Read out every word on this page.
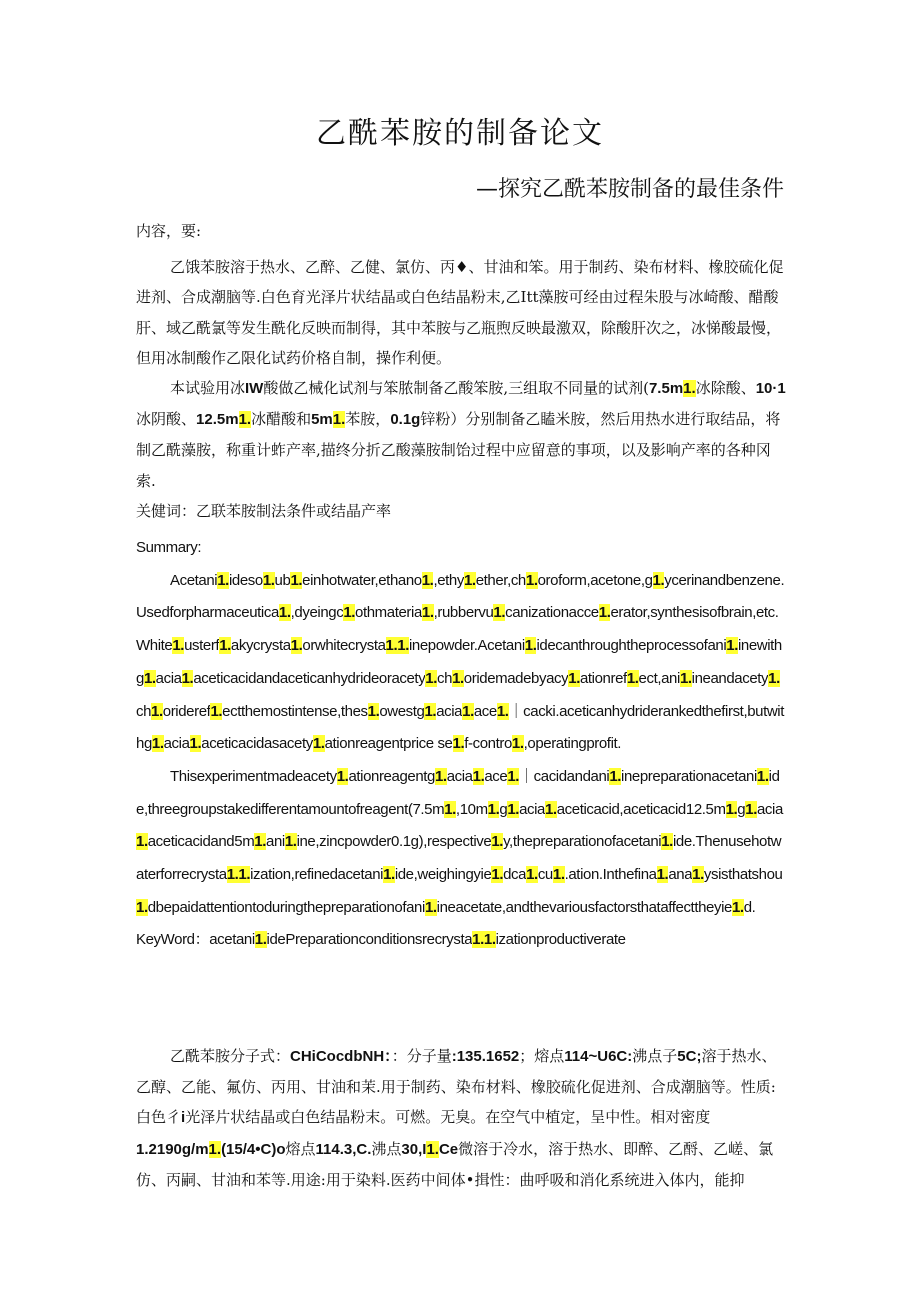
乙酰苯胺的制备论文
—探究乙酰苯胺制备的最佳条件

内容，要:

乙饿苯胺溶于热水、乙醉、乙健、氯仿、丙♦、甘油和笨。用于制药、染布材料、橡胶硫化促进剂、合成潮脑等.白色育光泽片状结晶或白色结晶粉末,乙Itt藻胺可经由过程朱股与冰崎酸、醋酸肝、域乙酰氯等发生酰化反映而制得，其中苯胺与乙瓶煦反映最激双，除酸肝次之，冰悌酸最慢，但用冰制酸作乙限化试药价格自制，操作利便。

本试验用冰IW酸做乙械化试剂与笨脓制备乙酸笨胺,三组取不同量的试剂(7.5m1.冰除酸、10·1冰阴酸、12.5m1.冰醋酸和5m1.苯胺，0.1g锌粉）分别制备乙瞌米胺，然后用热水进行取结品，将制乙酰藻胺，称重计蚱产率,描终分折乙酸藻胺制饴过程中应留意的事项，以及影响产率的各种冈索.

关健词：乙联苯胺制法条件或结晶产率

Summary:

Acetani1.ideso1.ub1.einhotwater,ethano1.,ethy1.ether,ch1.oroform,acetone,g1.ycerinandbenzene.Usedforpharmaceutica1.,dyeingc1.othmateria1.,rubbervu1.canizationacce1.erator,synthesisofbrain,etc.White1.usterf1.akycrysta1.orwhitecrysta1.1.inepowder.Acetani1.idecanthroughtheprocessofani1.inewithg1.acia1.aceticacidandaceticanhydrideoracety1.ch1.oridemadebyacy1.ationref1.ect,ani1.ineandacety1.ch1.orideref1.ectthemostintense,thes1.owestg1.acia1.ace1.｜cacki.aceticanhydriderankedthefirst,butwithg1.acia1.aceticacidasacety1.ationreagentprice se1.f-contro1.,operatingprofit.

Thisexperimentmadeacety1.ationreagentg1.acia1.ace1.｜cacidandani1.inepreparationacetani1.ide,threegroupstakedifferentamountofreagent(7.5m1.,10m1.g1.acia1.aceticacid,aceticacid12.5m1.g1.acia1.aceticacidand5m1.ani1.ine,zincpowder0.1g),respective1.y,thepreparationofacetani1.ide.Thenusehotwaterforrecrysta1.1.ization,refinedacetani1.ide,weighingyie1.dca1.cu1..ation.Inthefina1.ana1.ysisthatshou1.dbepaidattentiontoduringthepreparationofani1.ineacetate,andthevariousfactorsthataffecttheyie1.d.

KeyWord：acetani1.idePreparationconditionsrecrysta1.1.izationproductiverate

乙酰苯胺分子式：CHiCocdbNH：：分子量:135.1652；熔点114~U6C:沸点子5C;溶于热水、乙醇、乙能、氟仿、丙用、甘油和茉.用于制药、染布材料、橡胶硫化促进剂、合成潮脑等。性质:白色彳i光泽片状结晶或白色结晶粉末。可燃。无臭。在空气中植定，呈中性。相对密度1.2190g/m1.(15/4•C)o熔点114.3,C.沸点30,I1.Ce微溶于冷水，溶于热水、即醉、乙酹、乙嵯、氯仿、丙嗣、甘油和苯等.用途:用于染料.医药中间体•揖性：曲呼吸和消化系统进入体内，能抑
